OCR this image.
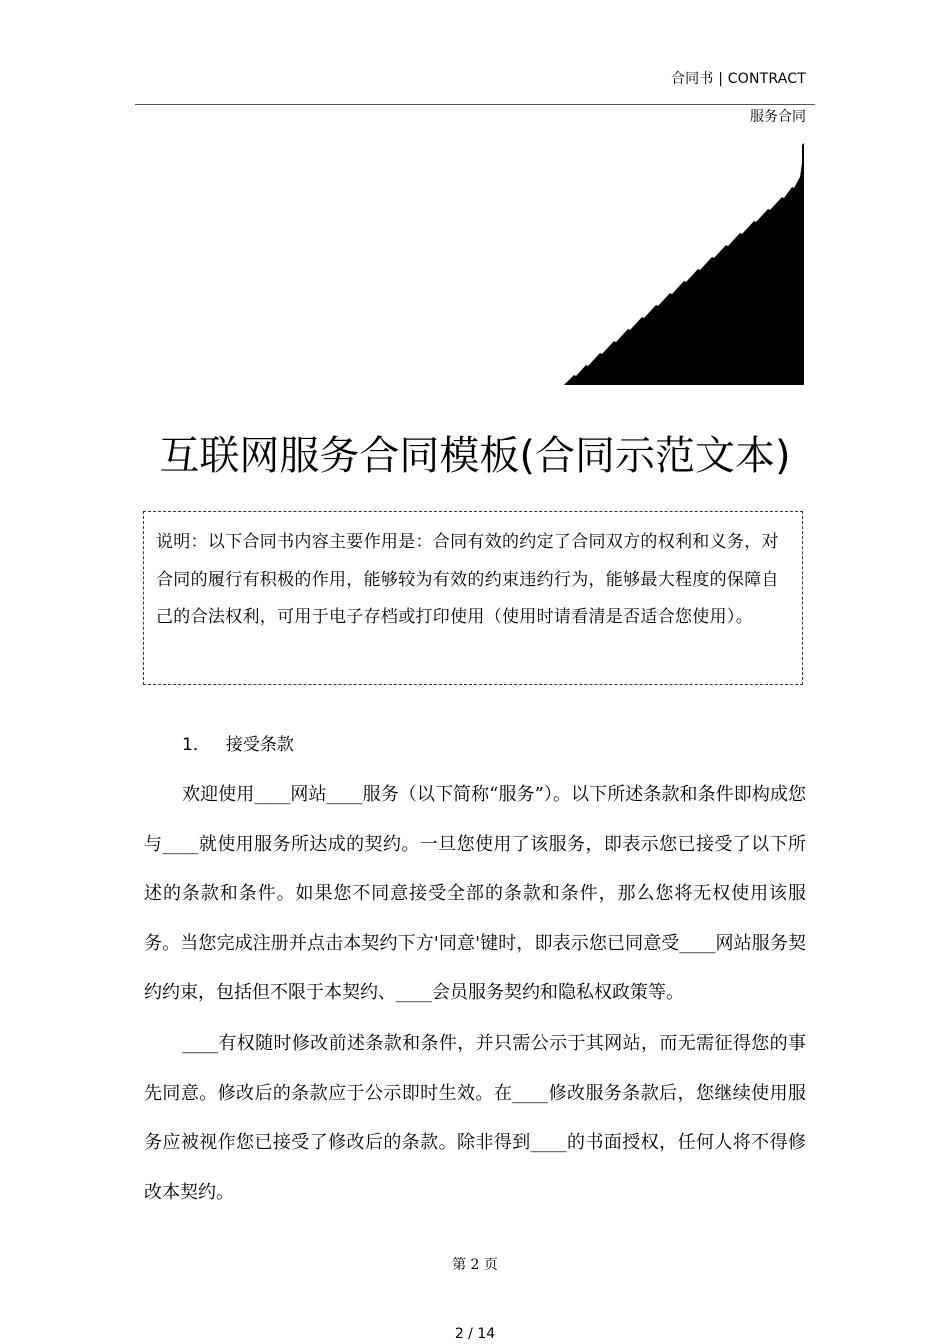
合同书 | CONTRACT
服务合同
互联网服务合同模板(合同示范文本)
说明：以下合同书内容主要作用是：合同有效的约定了合同双方的权利和义务，对合同的履行有积极的作用，能够较为有效的约束违约行为，能够最大程度的保障自己的合法权利，可用于电子存档或打印使用（使用时请看清是否适合您使用）。
1． 接受条款

欢迎使用____网站____服务（以下简称“服务”）。以下所述条款和条件即构成您与____就使用服务所达成的契约。一旦您使用了该服务，即表示您已接受了以下所述的条款和条件。如果您不同意接受全部的条款和条件，那么您将无权使用该服务。当您完成注册并点击本契约下方'同意'键时，即表示您已同意受____网站服务契约约束，包括但不限于本契约、____会员服务契约和隐私权政策等。

____有权随时修改前述条款和条件，并只需公示于其网站，而无需征得您的事先同意。修改后的条款应于公示即时生效。在____修改服务条款后，您继续使用服务应被视作您已接受了修改后的条款。除非得到____的书面授权，任何人将不得修改本契约。

第 2 页
2 / 14
